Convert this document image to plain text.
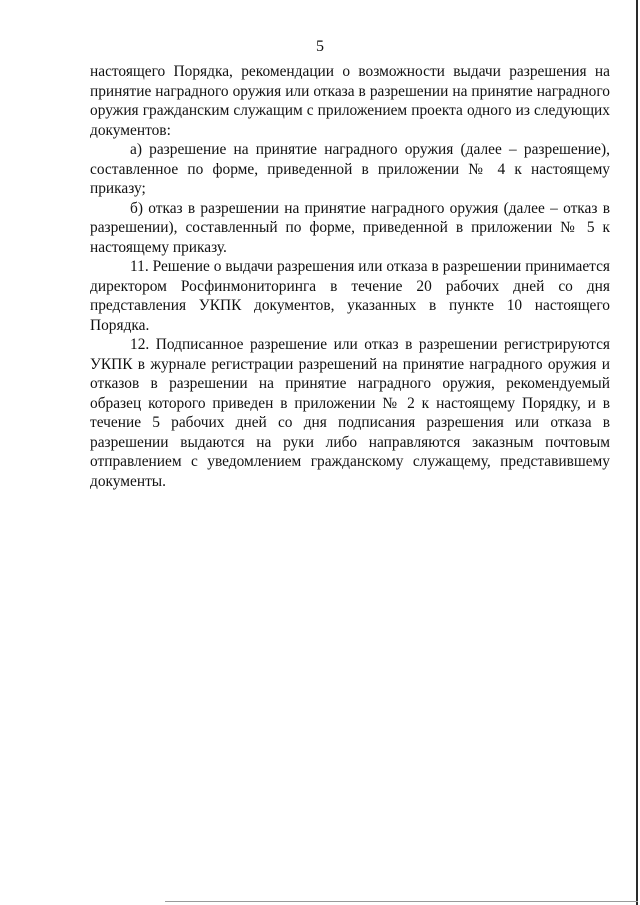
5

настоящего Порядка, рекомендации о возможности выдачи разрешения на принятие наградного оружия или отказа в разрешении на принятие наградного оружия гражданским служащим с приложением проекта одного из следующих документов:

а) разрешение на принятие наградного оружия (далее – разрешение), составленное по форме, приведенной в приложении № 4 к настоящему приказу;

б) отказ в разрешении на принятие наградного оружия (далее – отказ в разрешении), составленный по форме, приведенной в приложении № 5 к настоящему приказу.

11. Решение о выдачи разрешения или отказа в разрешении принимается директором Росфинмониторинга в течение 20 рабочих дней со дня представления УКПК документов, указанных в пункте 10 настоящего Порядка.

12. Подписанное разрешение или отказ в разрешении регистрируются УКПК в журнале регистрации разрешений на принятие наградного оружия и отказов в разрешении на принятие наградного оружия, рекомендуемый образец которого приведен в приложении № 2 к настоящему Порядку, и в течение 5 рабочих дней со дня подписания разрешения или отказа в разрешении выдаются на руки либо направляются заказным почтовым отправлением с уведомлением гражданскому служащему, представившему документы.
